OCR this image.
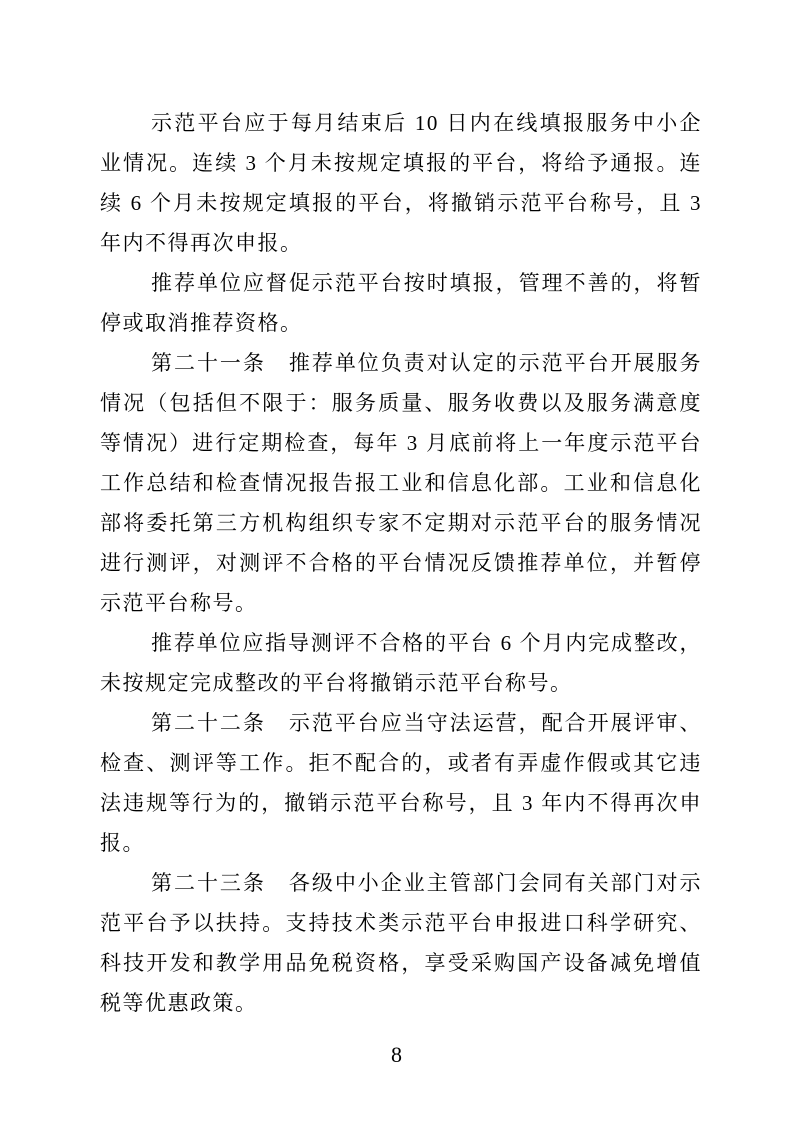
示范平台应于每月结束后 10 日内在线填报服务中小企业情况。连续 3 个月未按规定填报的平台，将给予通报。连续 6 个月未按规定填报的平台，将撤销示范平台称号，且 3 年内不得再次申报。

推荐单位应督促示范平台按时填报，管理不善的，将暂停或取消推荐资格。

第二十一条　推荐单位负责对认定的示范平台开展服务情况（包括但不限于：服务质量、服务收费以及服务满意度等情况）进行定期检查，每年 3 月底前将上一年度示范平台工作总结和检查情况报告报工业和信息化部。工业和信息化部将委托第三方机构组织专家不定期对示范平台的服务情况进行测评，对测评不合格的平台情况反馈推荐单位，并暂停示范平台称号。

推荐单位应指导测评不合格的平台 6 个月内完成整改，未按规定完成整改的平台将撤销示范平台称号。

第二十二条　示范平台应当守法运营，配合开展评审、检查、测评等工作。拒不配合的，或者有弄虚作假或其它违法违规等行为的，撤销示范平台称号，且 3 年内不得再次申报。

第二十三条　各级中小企业主管部门会同有关部门对示范平台予以扶持。支持技术类示范平台申报进口科学研究、科技开发和教学用品免税资格，享受采购国产设备减免增值税等优惠政策。

8
